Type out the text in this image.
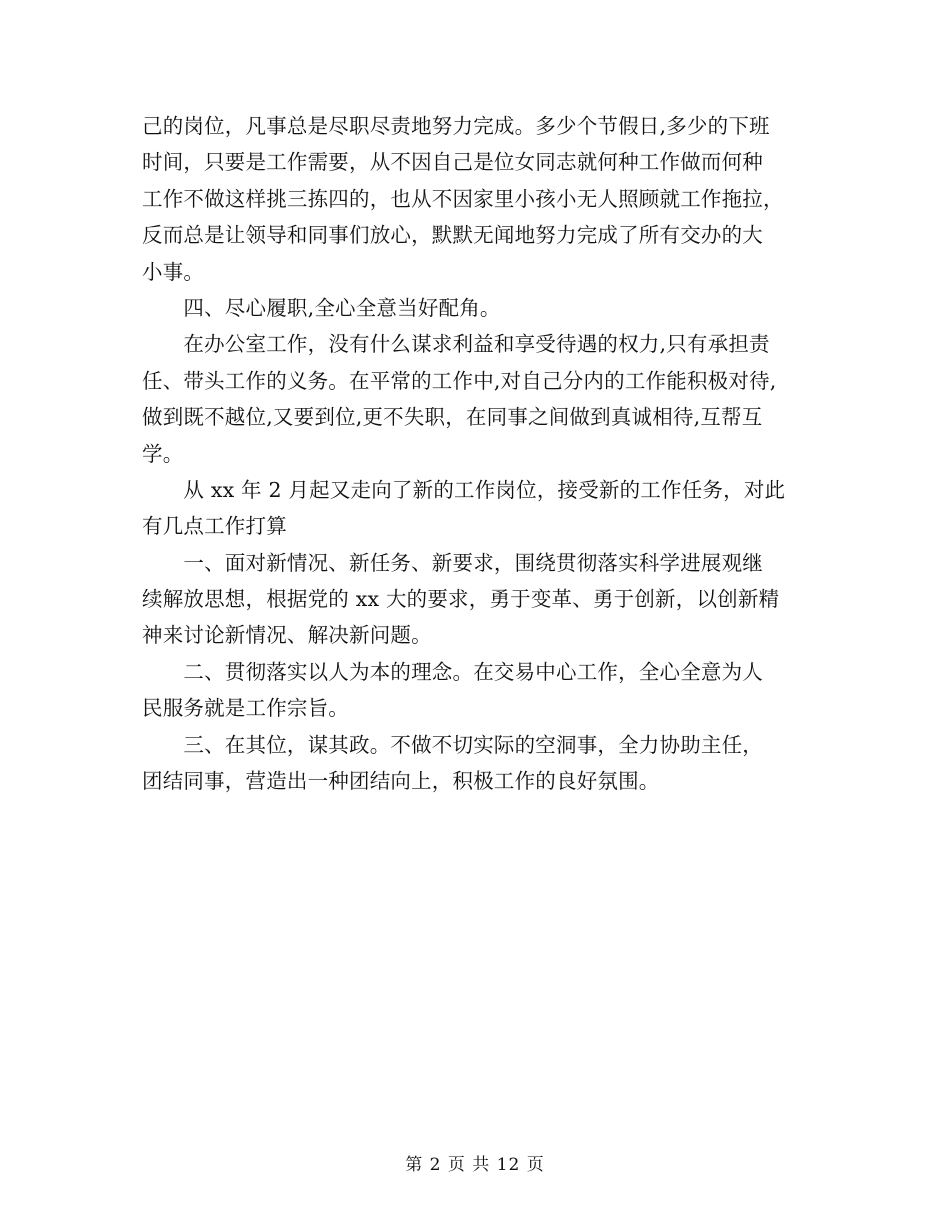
己的岗位，凡事总是尽职尽责地努力完成。多少个节假日,多少的下班
时间，只要是工作需要，从不因自己是位女同志就何种工作做而何种
工作不做这样挑三拣四的，也从不因家里小孩小无人照顾就工作拖拉，
反而总是让领导和同事们放心，默默无闻地努力完成了所有交办的大
小事。
　　四、尽心履职,全心全意当好配角。
　　在办公室工作，没有什么谋求利益和享受待遇的权力,只有承担责
任、带头工作的义务。在平常的工作中,对自己分内的工作能积极对待,
做到既不越位,又要到位,更不失职，在同事之间做到真诚相待,互帮互
学。
　　从 xx 年 2 月起又走向了新的工作岗位，接受新的工作任务，对此
有几点工作打算
　　一、面对新情况、新任务、新要求，围绕贯彻落实科学进展观继
续解放思想，根据党的 xx 大的要求，勇于变革、勇于创新，以创新精
神来讨论新情况、解决新问题。
　　二、贯彻落实以人为本的理念。在交易中心工作，全心全意为人
民服务就是工作宗旨。
　　三、在其位，谋其政。不做不切实际的空洞事，全力协助主任，
团结同事，营造出一种团结向上，积极工作的良好氛围。
第 2 页 共 12 页
